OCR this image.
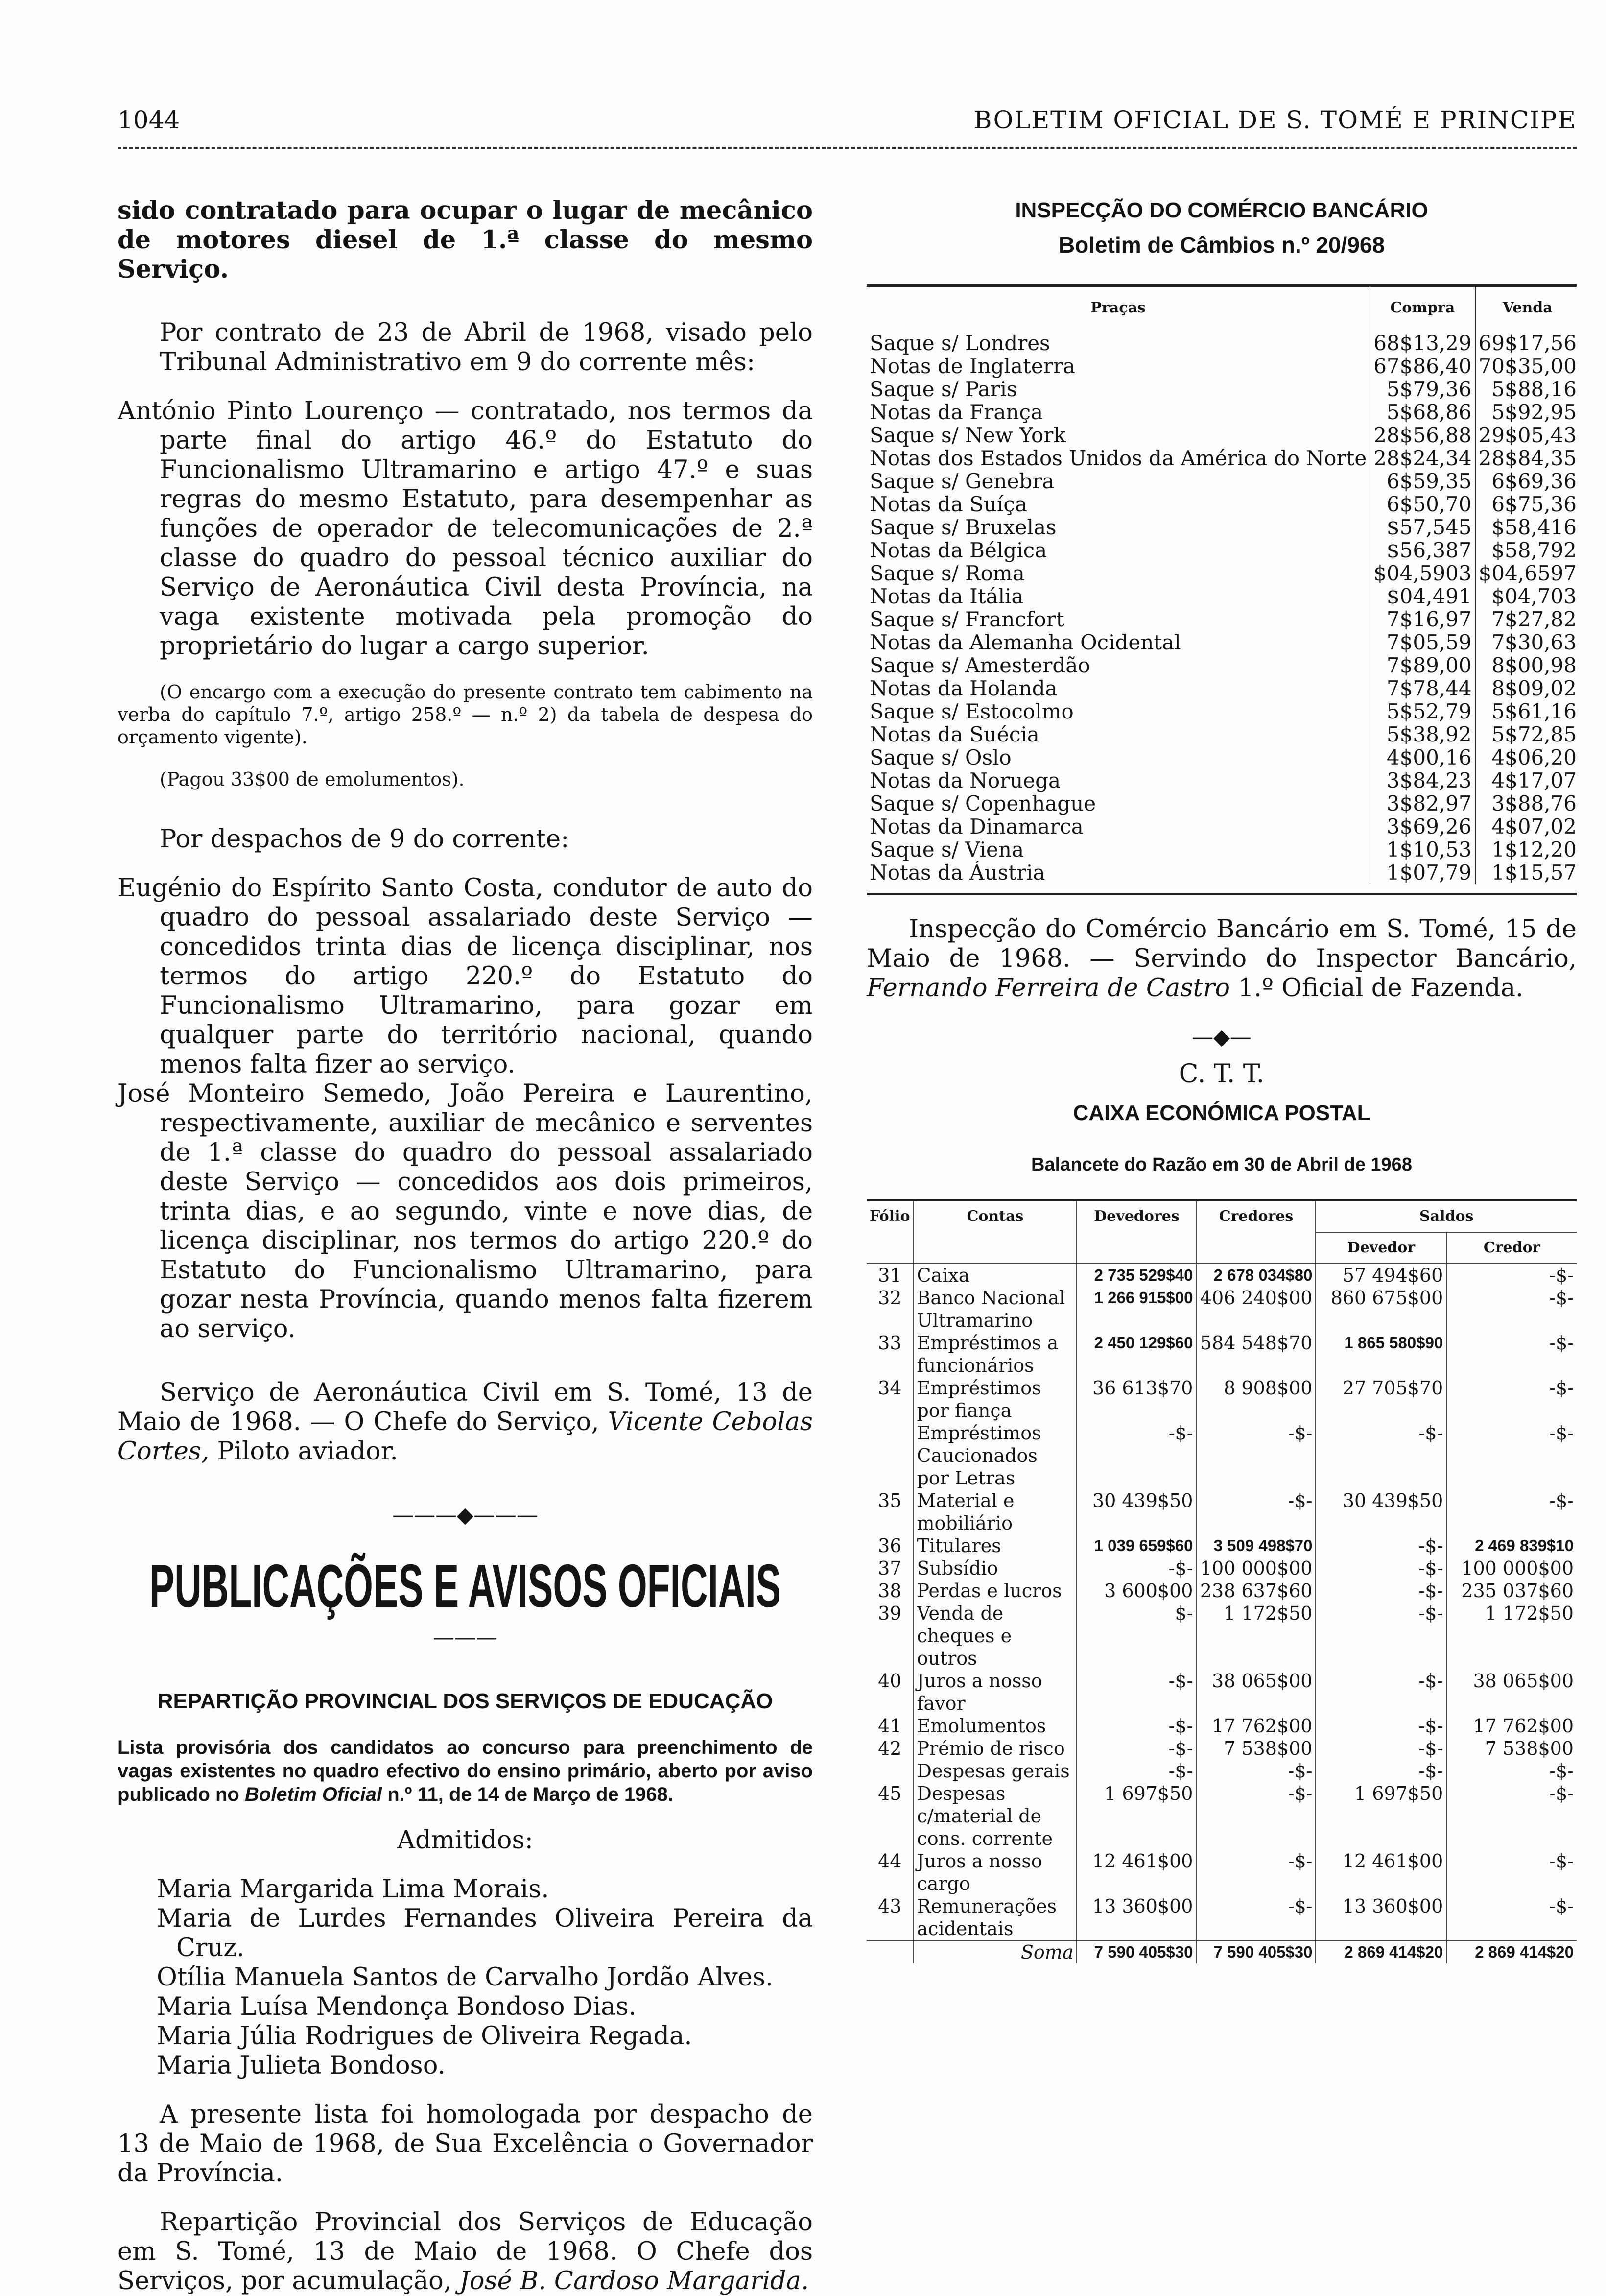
1044	BOLETIM OFICIAL DE S. TOMÉ E PRINCIPE

sido contratado para ocupar o lugar de mecânico de motores diesel de 1.ª classe do mesmo Serviço.

Por contrato de 23 de Abril de 1968, visado pelo Tribunal Administrativo em 9 do corrente mês:

António Pinto Lourenço — contratado, nos termos da parte final do artigo 46.º do Estatuto do Funcionalismo Ultramarino e artigo 47.º e suas regras do mesmo Estatuto, para desempenhar as funções de operador de telecomunicações de 2.ª classe do quadro do pessoal técnico auxiliar do Serviço de Aeronáutica Civil desta Província, na vaga existente motivada pela promoção do proprietário do lugar a cargo superior.

(O encargo com a execução do presente contrato tem cabimento na verba do capítulo 7.º, artigo 258.º — n.º 2) da tabela de despesa do orçamento vigente).

(Pagou 33$00 de emolumentos).

Por despachos de 9 do corrente:

Eugénio do Espírito Santo Costa, condutor de auto do quadro do pessoal assalariado deste Serviço — concedidos trinta dias de licença disciplinar, nos termos do artigo 220.º do Estatuto do Funcionalismo Ultramarino, para gozar em qualquer parte do território nacional, quando menos falta fizer ao serviço.

José Monteiro Semedo, João Pereira e Laurentino, respectivamente, auxiliar de mecânico e serventes de 1.ª classe do quadro do pessoal assalariado deste Serviço — concedidos aos dois primeiros, trinta dias, e ao segundo, vinte e nove dias, de licença disciplinar, nos termos do artigo 220.º do Estatuto do Funcionalismo Ultramarino, para gozar nesta Província, quando menos falta fizerem ao serviço.

Serviço de Aeronáutica Civil em S. Tomé, 13 de Maio de 1968. — O Chefe do Serviço, Vicente Cebolas Cortes, Piloto aviador.

———◆———
PUBLICAÇÕES E AVISOS OFICIAIS
———

REPARTIÇÃO PROVINCIAL DOS SERVIÇOS DE EDUCAÇÃO

Lista provisória dos candidatos ao concurso para preenchimento de vagas existentes no quadro efectivo do ensino primário, aberto por aviso publicado no Boletim Oficial n.º 11, de 14 de Março de 1968.

Admitidos:

Maria Margarida Lima Morais.

Maria de Lurdes Fernandes Oliveira Pereira da Cruz.

Otília Manuela Santos de Carvalho Jordão Alves.

Maria Luísa Mendonça Bondoso Dias.

Maria Júlia Rodrigues de Oliveira Regada.

Maria Julieta Bondoso.

A presente lista foi homologada por despacho de 13 de Maio de 1968, de Sua Excelência o Governador da Província.

Repartição Provincial dos Serviços de Educação em S. Tomé, 13 de Maio de 1968. O Chefe dos Serviços, por acumulação, José B. Cardoso Margarida.

INSPECÇÃO DO COMÉRCIO BANCÁRIO

Boletim de Câmbios n.º 20/968

Praças	Compra	Venda
Saque s/ Londres	68$13,29	69$17,56
Notas de Inglaterra	67$86,40	70$35,00
Saque s/ Paris	5$79,36	5$88,16
Notas da França	5$68,86	5$92,95
Saque s/ New York	28$56,88	29$05,43
Notas dos Estados Unidos da América do Norte	28$24,34	28$84,35
Saque s/ Genebra	6$59,35	6$69,36
Notas da Suíça	6$50,70	6$75,36
Saque s/ Bruxelas	$57,545	$58,416
Notas da Bélgica	$56,387	$58,792
Saque s/ Roma	$04,5903	$04,6597
Notas da Itália	$04,491	$04,703
Saque s/ Francfort	7$16,97	7$27,82
Notas da Alemanha Ocidental	7$05,59	7$30,63
Saque s/ Amesterdão	7$89,00	8$00,98
Notas da Holanda	7$78,44	8$09,02
Saque s/ Estocolmo	5$52,79	5$61,16
Notas da Suécia	5$38,92	5$72,85
Saque s/ Oslo	4$00,16	4$06,20
Notas da Noruega	3$84,23	4$17,07
Saque s/ Copenhague	3$82,97	3$88,76
Notas da Dinamarca	3$69,26	4$07,02
Saque s/ Viena	1$10,53	1$12,20
Notas da Áustria	1$07,79	1$15,57

Inspecção do Comércio Bancário em S. Tomé, 15 de Maio de 1968. — Servindo do Inspector Bancário, Fernando Ferreira de Castro 1.º Oficial de Fazenda.

—◆—

C. T. T.

CAIXA ECONÓMICA POSTAL

Balancete do Razão em 30 de Abril de 1968

Fólio	Contas	Devedores	Credores	Saldos	
				Devedor	Credor
31	Caixa	2 735 529$40	2 678 034$80	57 494$60	-$-
32	Banco Nacional Ultramarino	1 266 915$00	406 240$00	860 675$00	-$-
33	Empréstimos a funcionários	2 450 129$60	584 548$70	1 865 580$90	-$-
34	Empréstimos por fiança	36 613$70	8 908$00	27 705$70	-$-
	Empréstimos Caucionados por Letras	-$-	-$-	-$-	-$-
35	Material e mobiliário	30 439$50	-$-	30 439$50	-$-
36	Titulares	1 039 659$60	3 509 498$70	-$-	2 469 839$10
37	Subsídio	-$-	100 000$00	-$-	100 000$00
38	Perdas e lucros	3 600$00	238 637$60	-$-	235 037$60
39	Venda de cheques e outros	$-	1 172$50	-$-	1 172$50
40	Juros a nosso favor	-$-	38 065$00	-$-	38 065$00
41	Emolumentos	-$-	17 762$00	-$-	17 762$00
42	Prémio de risco	-$-	7 538$00	-$-	7 538$00
	Despesas gerais	-$-	-$-	-$-	-$-
45	Despesas c/material de cons. corrente	1 697$50	-$-	1 697$50	-$-
44	Juros a nosso cargo	12 461$00	-$-	12 461$00	-$-
43	Remunerações acidentais	13 360$00	-$-	13 360$00	-$-
	Soma	7 590 405$30	7 590 405$30	2 869 414$20	2 869 414$20
